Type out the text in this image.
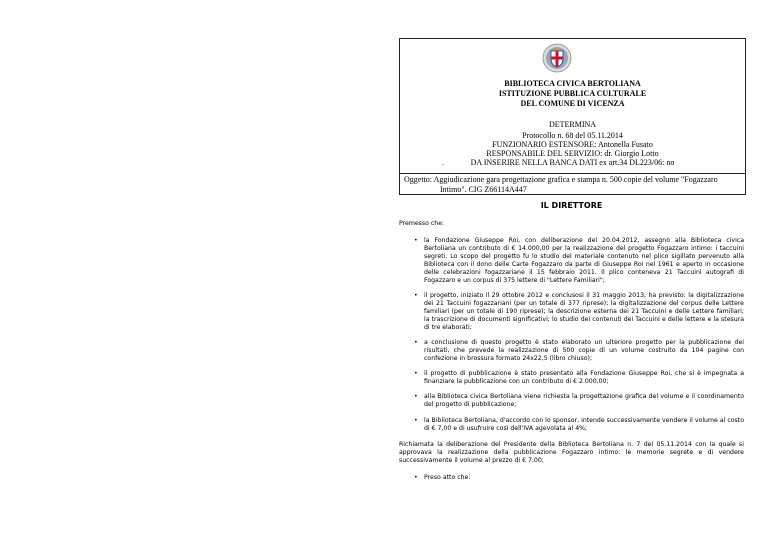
BIBLIOTECA CIVICA BERTOLIANA
ISTITUZIONE PUBBLICA CULTURALE
DEL COMUNE DI VICENZA
DETERMINA
Protocollo n. 68 del 05.11.2014
FUNZIONARIO ESTENSORE: Antonella Fusato
RESPONSABILE DEL SERVIZIO: dr. Giorgio Lotto
DA INSERIRE NELLA BANCA DATI ex art.34 DL223/06: no
.
Oggetto: Aggiudicazione gara progettazione grafica e stampa n. 500 copie del volume "Fogazzaro
Intimo". CIG Z66114A447
IL DIRETTORE
Premesso che:
• la Fondazione Giuseppe Roi, con deliberazione del 20.04.2012, assegnò alla Biblioteca civica Bertoliana un contributo di € 14.000,00 per la realizzazione del progetto Fogazzaro intimo: i taccuini segreti. Lo scopo del progetto fu lo studio del materiale contenuto nel plico sigillato pervenuto alla Biblioteca con il dono delle Carte Fogazzaro da parte di Giuseppe Roi nel 1961 e aperto in occasione delle celebrazioni fogazzariane il 15 febbraio 2011. Il plico conteneva 21 Taccuini autografi di Fogazzaro e un corpus di 375 lettere di "Lettere Familiari";
• il progetto, iniziato il 29 ottobre 2012 e conclusosi il 31 maggio 2013, ha previsto: la digitalizzazione dei 21 Taccuini fogazzariani (per un totale di 377 riprese); la digitalizzazione del corpus delle Lettere familiari (per un totale di 190 riprese); la descrizione esterna dei 21 Taccuini e delle Lettere familiari; la trascrizione di documenti significativi; lo studio dei contenuti dei Taccuini e delle lettere e la stesura di tre elaborati;
• a conclusione di questo progetto è stato elaborato un ulteriore progetto per la pubblicazione dei risultati, che prevede la realizzazione di 500 copie di un volume costruito da 104 pagine con confezione in brossura formato 24x22,5 (libro chiuso);
• il progetto di pubblicazione è stato presentato alla Fondazione Giuseppe Roi, che si è impegnata a finanziare la pubblicazione con un contributo di € 2.000,00;
• alla Biblioteca civica Bertoliana viene richiesta la progettazione grafica del volume e il coordinamento del progetto di pubblicazione;
• la Biblioteca Bertoliana, d'accordo con lo sponsor, intende successivamente vendere il volume al costo di € 7,00 e di usufruire così dell'IVA agevolata al 4%;
Richiamata la deliberazione del Presidente della Biblioteca Bertoliana n. 7 del 05.11.2014 con la quale si approvava la realizzazione della pubblicazione Fogazzaro intimo: le memorie segrete e di vendere successivamente il volume al prezzo di € 7,00;
• Preso atto che:
